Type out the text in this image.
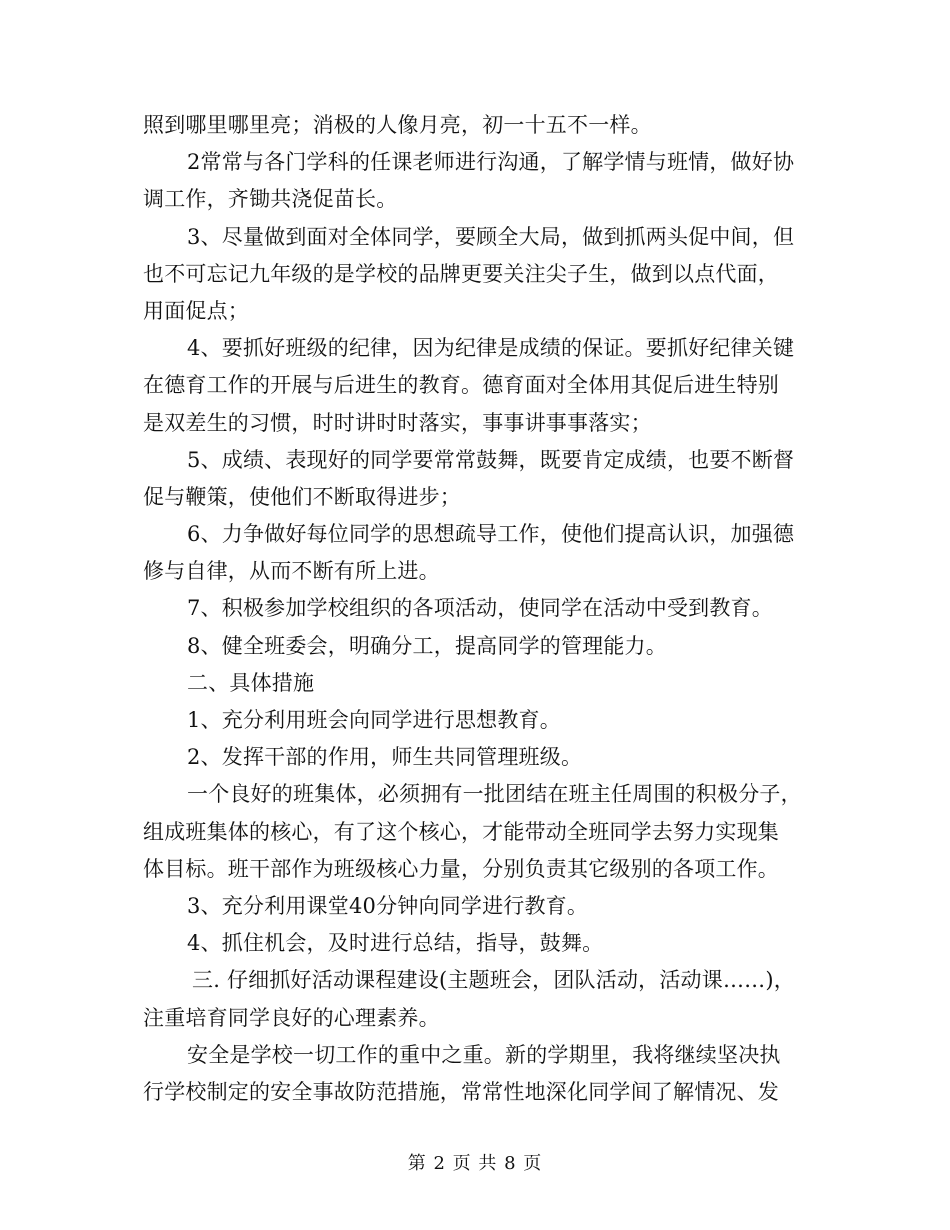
照到哪里哪里亮；消极的人像月亮，初一十五不一样。
2常常与各门学科的任课老师进行沟通，了解学情与班情，做好协
调工作，齐锄共浇促苗长。
3、尽量做到面对全体同学，要顾全大局，做到抓两头促中间，但
也不可忘记九年级的是学校的品牌更要关注尖子生，做到以点代面，
用面促点；
4、要抓好班级的纪律，因为纪律是成绩的保证。要抓好纪律关键
在德育工作的开展与后进生的教育。德育面对全体用其促后进生特别
是双差生的习惯，时时讲时时落实，事事讲事事落实；
5、成绩、表现好的同学要常常鼓舞，既要肯定成绩，也要不断督
促与鞭策，使他们不断取得进步；
6、力争做好每位同学的思想疏导工作，使他们提高认识，加强德
修与自律，从而不断有所上进。
7、积极参加学校组织的各项活动，使同学在活动中受到教育。
8、健全班委会，明确分工，提高同学的管理能力。
二、具体措施
1、充分利用班会向同学进行思想教育。
2、发挥干部的作用，师生共同管理班级。
一个良好的班集体，必须拥有一批团结在班主任周围的积极分子，
组成班集体的核心，有了这个核心，才能带动全班同学去努力实现集
体目标。班干部作为班级核心力量，分别负责其它级别的各项工作。
3、充分利用课堂40分钟向同学进行教育。
4、抓住机会，及时进行总结，指导，鼓舞。
三. 仔细抓好活动课程建设(主题班会，团队活动，活动课……)，
注重培育同学良好的心理素养。
安全是学校一切工作的重中之重。新的学期里，我将继续坚决执
行学校制定的安全事故防范措施，常常性地深化同学间了解情况、发
第 2 页 共 8 页
